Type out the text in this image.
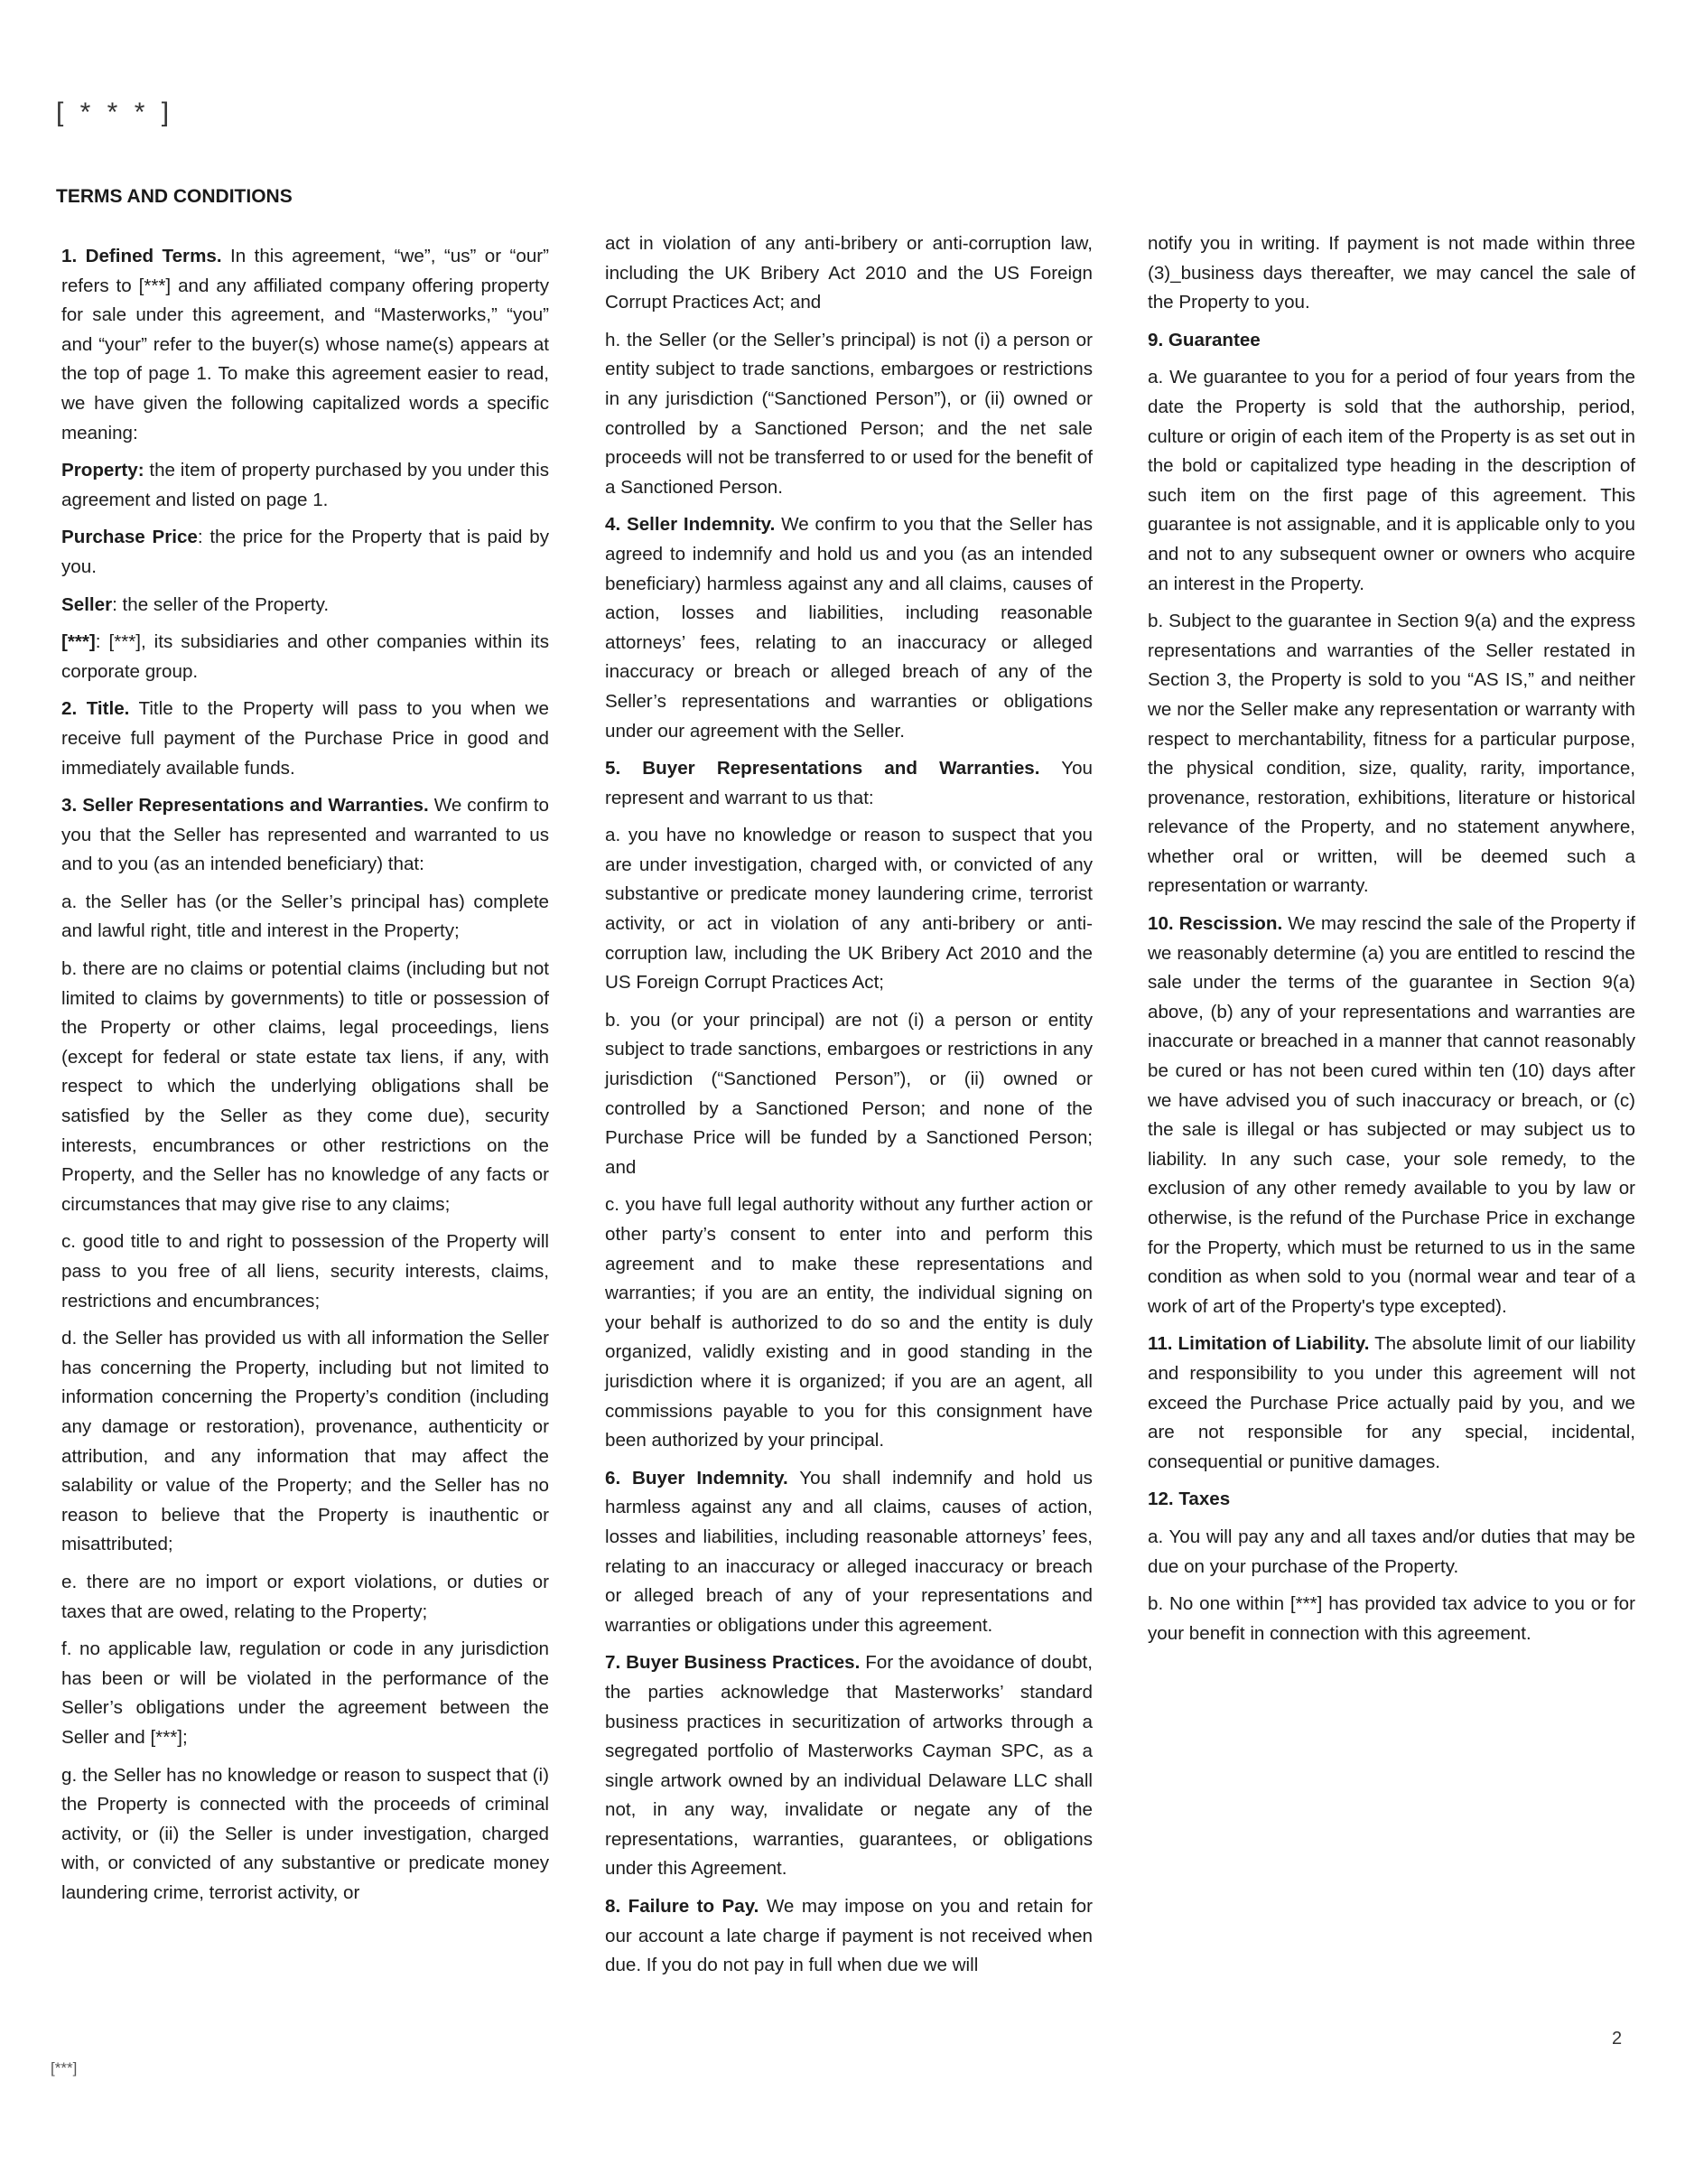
[ * * * ]
TERMS AND CONDITIONS

1. Defined Terms. In this agreement, “we”, “us” or “our” refers to [***] and any affiliated company offering property for sale under this agreement, and “Masterworks,” “you” and “your” refer to the buyer(s) whose name(s) appears at the top of page 1. To make this agreement easier to read, we have given the following capitalized words a specific meaning:

Property: the item of property purchased by you under this agreement and listed on page 1.

Purchase Price: the price for the Property that is paid by you.

Seller: the seller of the Property.

[***]: [***], its subsidiaries and other companies within its corporate group.

2. Title. Title to the Property will pass to you when we receive full payment of the Purchase Price in good and immediately available funds.

3. Seller Representations and Warranties. We confirm to you that the Seller has represented and warranted to us and to you (as an intended beneficiary) that:

a. the Seller has (or the Seller’s principal has) complete and lawful right, title and interest in the Property;

b. there are no claims or potential claims (including but not limited to claims by governments) to title or possession of the Property or other claims, legal proceedings, liens (except for federal or state estate tax liens, if any, with respect to which the underlying obligations shall be satisfied by the Seller as they come due), security interests, encumbrances or other restrictions on the Property, and the Seller has no knowledge of any facts or circumstances that may give rise to any claims;

c. good title to and right to possession of the Property will pass to you free of all liens, security interests, claims, restrictions and encumbrances;

d. the Seller has provided us with all information the Seller has concerning the Property, including but not limited to information concerning the Property’s condition (including any damage or restoration), provenance, authenticity or attribution, and any information that may affect the salability or value of the Property; and the Seller has no reason to believe that the Property is inauthentic or misattributed;

e. there are no import or export violations, or duties or taxes that are owed, relating to the Property;

f. no applicable law, regulation or code in any jurisdiction has been or will be violated in the performance of the Seller’s obligations under the agreement between the Seller and [***];

g. the Seller has no knowledge or reason to suspect that (i) the Property is connected with the proceeds of criminal activity, or (ii) the Seller is under investigation, charged with, or convicted of any substantive or predicate money laundering crime, terrorist activity, or

act in violation of any anti-bribery or anti-corruption law, including the UK Bribery Act 2010 and the US Foreign Corrupt Practices Act; and

h. the Seller (or the Seller’s principal) is not (i) a person or entity subject to trade sanctions, embargoes or restrictions in any jurisdiction (“Sanctioned Person”), or (ii) owned or controlled by a Sanctioned Person; and the net sale proceeds will not be transferred to or used for the benefit of a Sanctioned Person.

4. Seller Indemnity. We confirm to you that the Seller has agreed to indemnify and hold us and you (as an intended beneficiary) harmless against any and all claims, causes of action, losses and liabilities, including reasonable attorneys’ fees, relating to an inaccuracy or alleged inaccuracy or breach or alleged breach of any of the Seller’s representations and warranties or obligations under our agreement with the Seller.

5. Buyer Representations and Warranties. You represent and warrant to us that:

a. you have no knowledge or reason to suspect that you are under investigation, charged with, or convicted of any substantive or predicate money laundering crime, terrorist activity, or act in violation of any anti-bribery or anti-corruption law, including the UK Bribery Act 2010 and the US Foreign Corrupt Practices Act;

b. you (or your principal) are not (i) a person or entity subject to trade sanctions, embargoes or restrictions in any jurisdiction (“Sanctioned Person”), or (ii) owned or controlled by a Sanctioned Person; and none of the Purchase Price will be funded by a Sanctioned Person; and

c. you have full legal authority without any further action or other party’s consent to enter into and perform this agreement and to make these representations and warranties; if you are an entity, the individual signing on your behalf is authorized to do so and the entity is duly organized, validly existing and in good standing in the jurisdiction where it is organized; if you are an agent, all commissions payable to you for this consignment have been authorized by your principal.

6. Buyer Indemnity. You shall indemnify and hold us harmless against any and all claims, causes of action, losses and liabilities, including reasonable attorneys’ fees, relating to an inaccuracy or alleged inaccuracy or breach or alleged breach of any of your representations and warranties or obligations under this agreement.

7. Buyer Business Practices. For the avoidance of doubt, the parties acknowledge that Masterworks’ standard business practices in securitization of artworks through a segregated portfolio of Masterworks Cayman SPC, as a single artwork owned by an individual Delaware LLC shall not, in any way, invalidate or negate any of the representations, warranties, guarantees, or obligations under this Agreement.

8. Failure to Pay. We may impose on you and retain for our account a late charge if payment is not received when due. If you do not pay in full when due we will

notify you in writing. If payment is not made within three (3)_business days thereafter, we may cancel the sale of the Property to you.

9. Guarantee

a. We guarantee to you for a period of four years from the date the Property is sold that the authorship, period, culture or origin of each item of the Property is as set out in the bold or capitalized type heading in the description of such item on the first page of this agreement. This guarantee is not assignable, and it is applicable only to you and not to any subsequent owner or owners who acquire an interest in the Property.

b. Subject to the guarantee in Section 9(a) and the express representations and warranties of the Seller restated in Section 3, the Property is sold to you “AS IS,” and neither we nor the Seller make any representation or warranty with respect to merchantability, fitness for a particular purpose, the physical condition, size, quality, rarity, importance, provenance, restoration, exhibitions, literature or historical relevance of the Property, and no statement anywhere, whether oral or written, will be deemed such a representation or warranty.

10. Rescission. We may rescind the sale of the Property if we reasonably determine (a) you are entitled to rescind the sale under the terms of the guarantee in Section 9(a) above, (b) any of your representations and warranties are inaccurate or breached in a manner that cannot reasonably be cured or has not been cured within ten (10) days after we have advised you of such inaccuracy or breach, or (c) the sale is illegal or has subjected or may subject us to liability. In any such case, your sole remedy, to the exclusion of any other remedy available to you by law or otherwise, is the refund of the Purchase Price in exchange for the Property, which must be returned to us in the same condition as when sold to you (normal wear and tear of a work of art of the Property's type excepted).

11. Limitation of Liability. The absolute limit of our liability and responsibility to you under this agreement will not exceed the Purchase Price actually paid by you, and we are not responsible for any special, incidental, consequential or punitive damages.

12. Taxes

a. You will pay any and all taxes and/or duties that may be due on your purchase of the Property.

b. No one within [***] has provided tax advice to you or for your benefit in connection with this agreement.

2
[***]
